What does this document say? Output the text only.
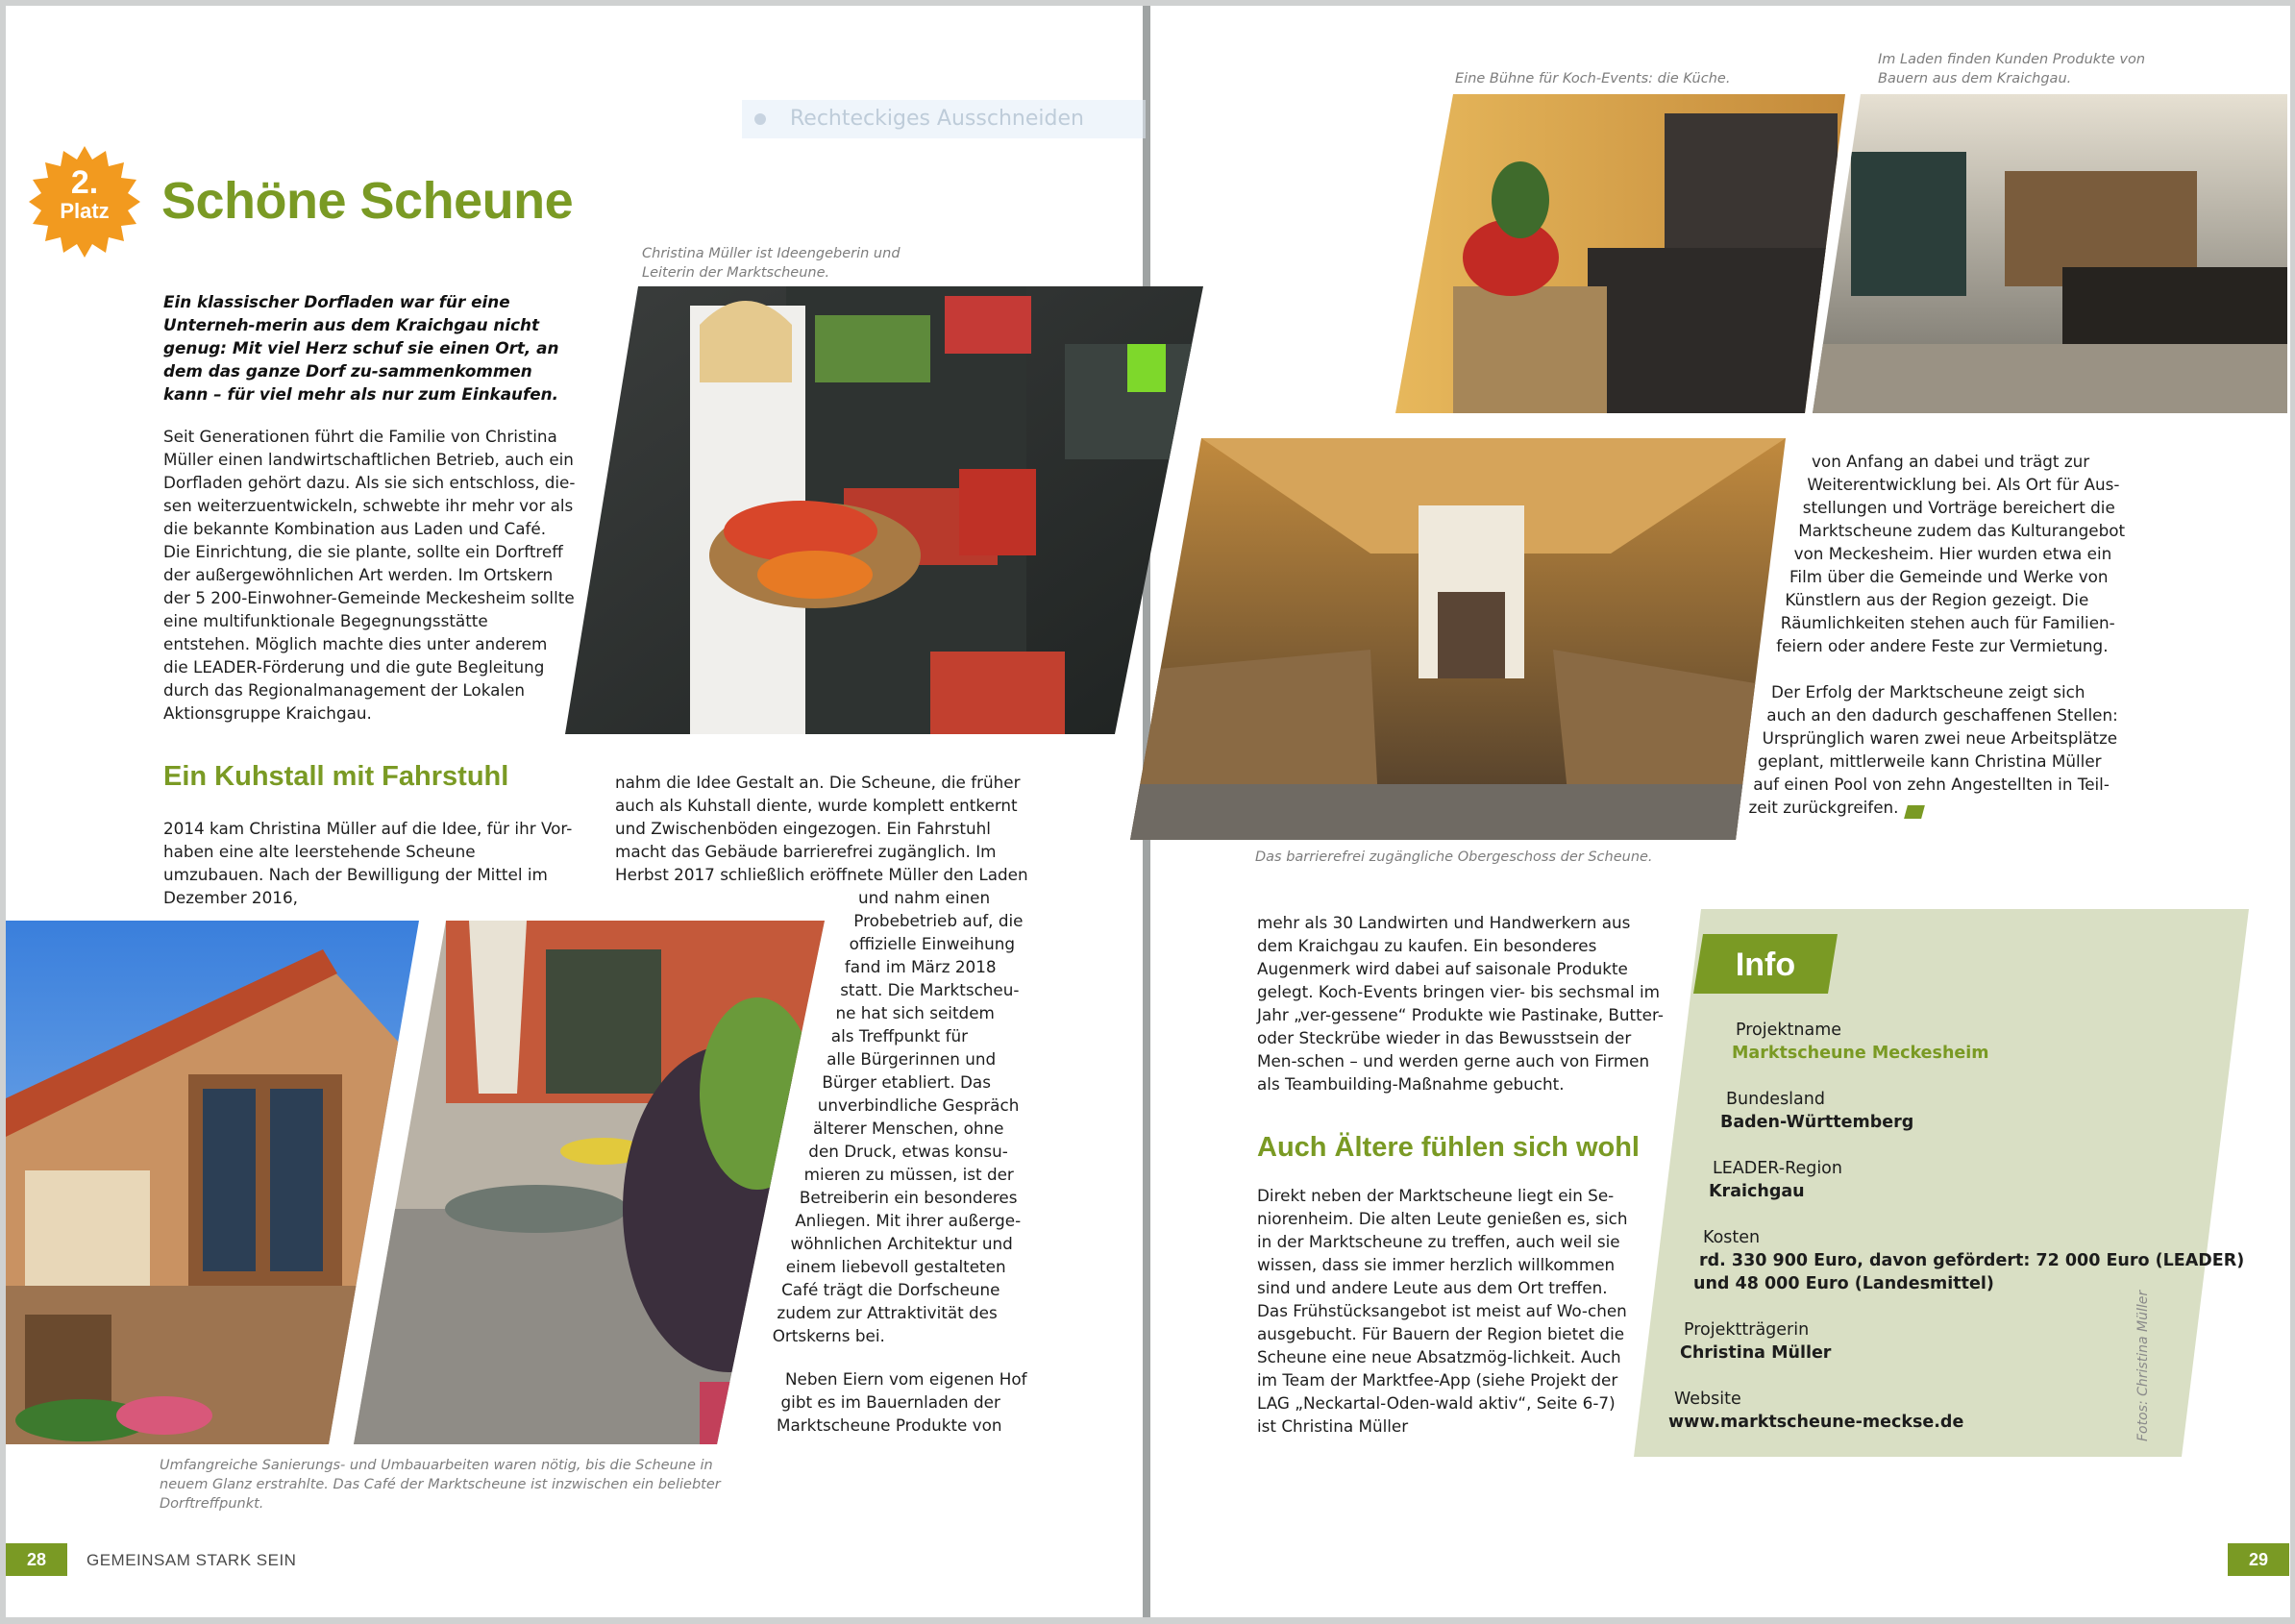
Rechteckiges Ausschneiden
2.
Platz	Schöne Scheune
Ein klassischer Dorfladen war für eine Unterneh-merin aus dem Kraichgau nicht genug: Mit viel Herz schuf sie einen Ort, an dem das ganze Dorf zu-sammenkommen kann – für viel mehr als nur zum Einkaufen.
Seit Generationen führt die Familie von Christina Müller einen landwirtschaftlichen Betrieb, auch ein Dorfladen gehört dazu. Als sie sich entschloss, die-sen weiterzuentwickeln, schwebte ihr mehr vor als die bekannte Kombination aus Laden und Café. Die Einrichtung, die sie plante, sollte ein Dorftreff der außergewöhnlichen Art werden. Im Ortskern der 5 200-Einwohner-Gemeinde Meckesheim sollte eine multifunktionale Begegnungsstätte entstehen. Möglich machte dies unter anderem die LEADER-Förderung und die gute Begleitung durch das Regionalmanagement der Lokalen Aktionsgruppe Kraichgau.
Christina Müller ist Ideengeberin und Leiterin der Marktscheune.
Ein Kuhstall mit Fahrstuhl
2014 kam Christina Müller auf die Idee, für ihr Vor-haben eine alte leerstehende Scheune umzubauen. Nach der Bewilligung der Mittel im Dezember 2016,
nahm die Idee Gestalt an. Die Scheune, die früher auch als Kuhstall diente, wurde komplett entkernt und Zwischenböden eingezogen. Ein Fahrstuhl macht das Gebäude barrierefrei zugänglich. Im Herbst 2017 schließlich eröffnete Müller den Laden
und nahm einen
Probebetrieb auf, die
offizielle Einweihung
fand im März 2018
statt. Die Marktscheu-
ne hat sich seitdem
als Treffpunkt für
alle Bürgerinnen und
Bürger etabliert. Das
unverbindliche Gespräch
älterer Menschen, ohne
den Druck, etwas konsu-
mieren zu müssen, ist der
Betreiberin ein besonderes
Anliegen. Mit ihrer außerge-
wöhnlichen Architektur und
einem liebevoll gestalteten
Café trägt die Dorfscheune
zudem zur Attraktivität des
Ortskerns bei.
Neben Eiern vom eigenen Hof
gibt es im Bauernladen der
Marktscheune Produkte von
Umfangreiche Sanierungs- und Umbauarbeiten waren nötig, bis die Scheune in neuem Glanz erstrahlte. Das Café der Marktscheune ist inzwischen ein beliebter Dorftreffpunkt.
28	GEMEINSAM STARK SEIN
Eine Bühne für Koch-Events: die Küche.
Im Laden finden Kunden Produkte von Bauern aus dem Kraichgau.
Das barrierefrei zugängliche Obergeschoss der Scheune.
von Anfang an dabei und trägt zur
Weiterentwicklung bei. Als Ort für Aus-
stellungen und Vorträge bereichert die
Marktscheune zudem das Kulturangebot
von Meckesheim. Hier wurden etwa ein
Film über die Gemeinde und Werke von
Künstlern aus der Region gezeigt. Die
Räumlichkeiten stehen auch für Familien-
feiern oder andere Feste zur Vermietung.
Der Erfolg der Marktscheune zeigt sich
auch an den dadurch geschaffenen Stellen:
Ursprünglich waren zwei neue Arbeitsplätze
geplant, mittlerweile kann Christina Müller
auf einen Pool von zehn Angestellten in Teil-
zeit zurückgreifen.
mehr als 30 Landwirten und Handwerkern aus dem Kraichgau zu kaufen. Ein besonderes Augenmerk wird dabei auf saisonale Produkte gelegt. Koch-Events bringen vier- bis sechsmal im Jahr „ver-gessene“ Produkte wie Pastinake, Butter- oder Steckrübe wieder in das Bewusstsein der Men-schen – und werden gerne auch von Firmen als Teambuilding-Maßnahme gebucht.
Auch Ältere fühlen sich wohl
Direkt neben der Marktscheune liegt ein Se-niorenheim. Die alten Leute genießen es, sich in der Marktscheune zu treffen, auch weil sie wissen, dass sie immer herzlich willkommen sind und andere Leute aus dem Ort treffen. Das Frühstücksangebot ist meist auf Wo-chen ausgebucht. Für Bauern der Region bietet die Scheune eine neue Absatzmög-lichkeit. Auch im Team der Marktfee-App (siehe Projekt der LAG „Neckartal-Oden-wald aktiv“, Seite 6-7) ist Christina Müller
Info
Projektname
Marktscheune Meckesheim
Bundesland
Baden-Württemberg
LEADER-Region
Kraichgau
Kosten
rd. 330 900 Euro, davon gefördert: 72 000 Euro (LEADER)
und 48 000 Euro (Landesmittel)
Projektträgerin
Christina Müller
Website
www.marktscheune-meckse.de	Fotos: Christina Müller
29
